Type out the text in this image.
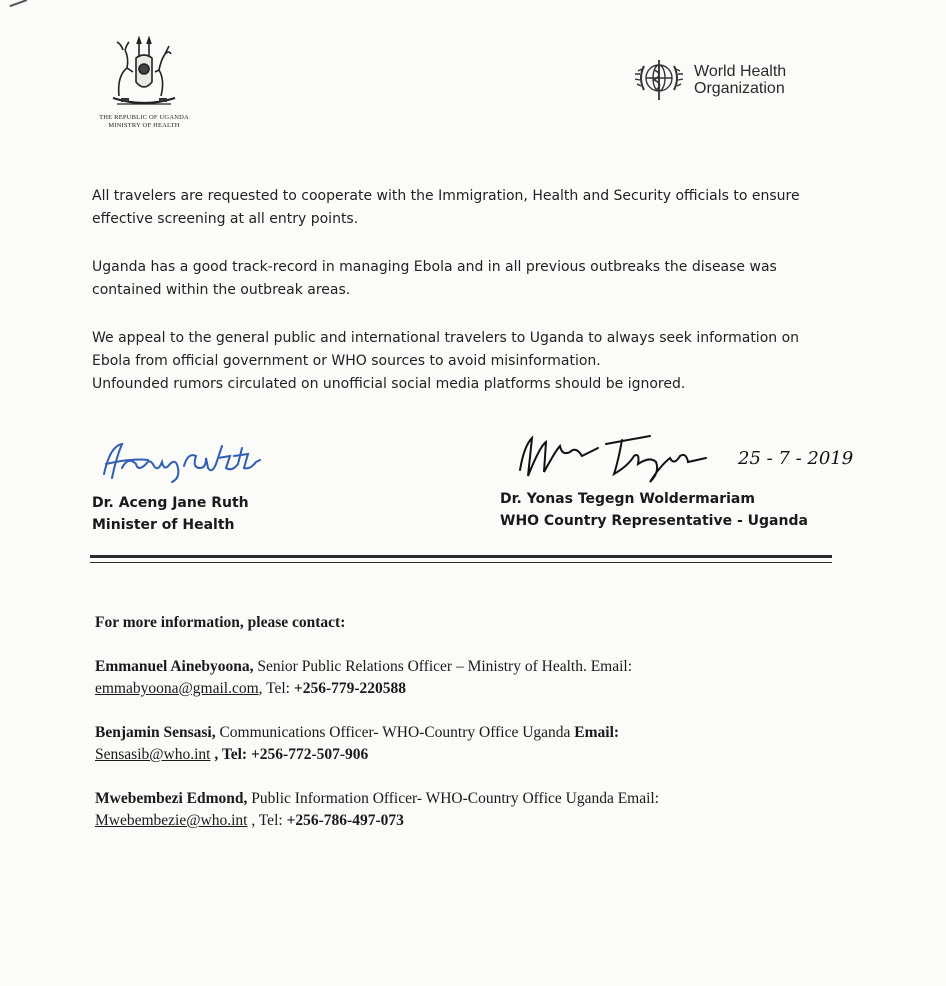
THE REPUBLIC OF UGANDA
MINISTRY OF HEALTH
World Health
Organization

All travelers are requested to cooperate with the Immigration, Health and Security officials to ensure effective screening at all entry points.

Uganda has a good track-record in managing Ebola and in all previous outbreaks the disease was contained within the outbreak areas.

We appeal to the general public and international travelers to Uganda to always seek information on Ebola from official government or WHO sources to avoid misinformation.

Unfounded rumors circulated on unofficial social media platforms should be ignored.

Dr. Aceng Jane Ruth
Minister of Health
25 - 7 - 2019
Dr. Yonas Tegegn Woldermariam
WHO Country Representative - Uganda
For more information, please contact:
Emmanuel Ainebyoona, Senior Public Relations Officer – Ministry of Health. Email:
emmabyoona@gmail.com, Tel: +256-779-220588
Benjamin Sensasi, Communications Officer- WHO-Country Office Uganda Email:
Sensasib@who.int , Tel: +256-772-507-906
Mwebembezi Edmond, Public Information Officer- WHO-Country Office Uganda Email:
Mwebembezie@who.int , Tel: +256-786-497-073
